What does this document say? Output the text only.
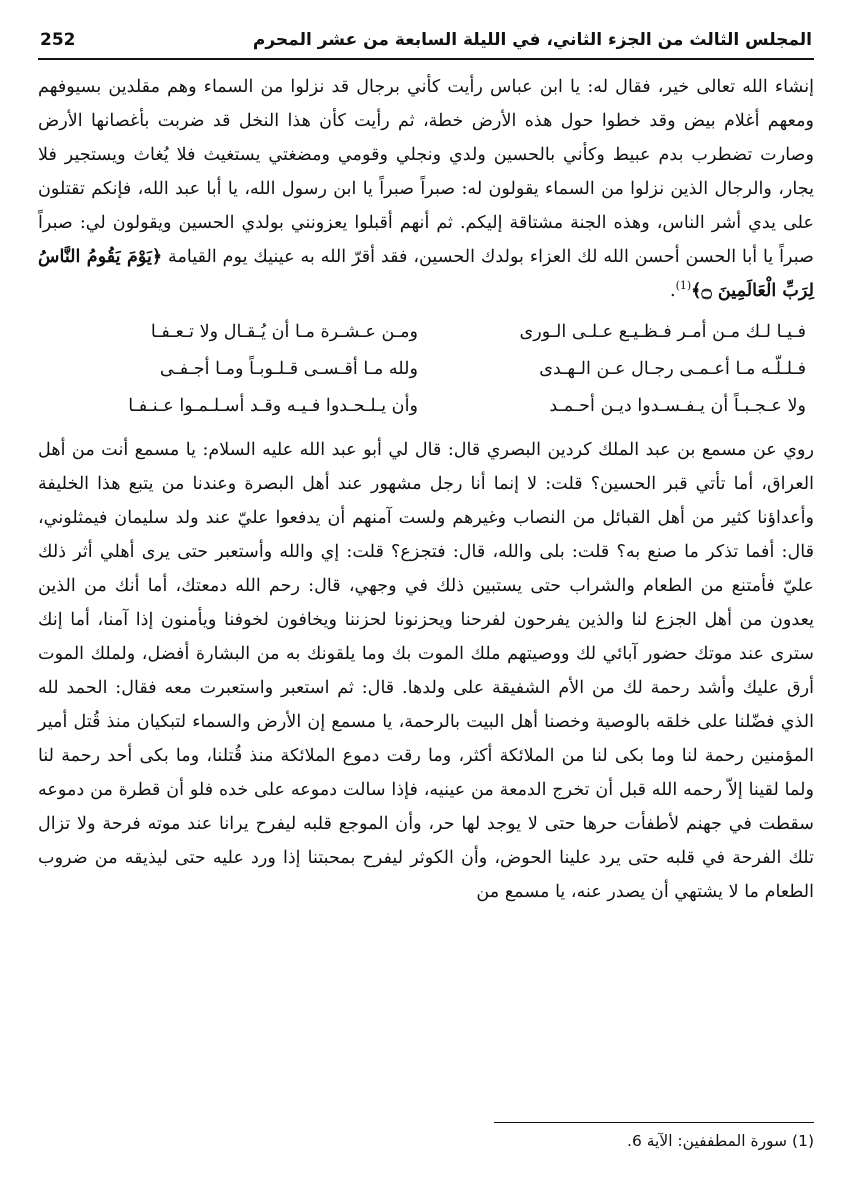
المجلس الثالث من الجزء الثاني، في الليلة السابعة من عشر المحرم
252

إنشاء الله تعالى خير، فقال له: يا ابن عباس رأيت كأني برجال قد نزلوا من السماء وهم مقلدين بسيوفهم ومعهم أغلام بيض وقد خطوا حول هذه الأرض خطة، ثم رأيت كأن هذا النخل قد ضربت بأغصانها الأرض وصارت تضطرب بدم عبيط وكأني بالحسين ولدي ونجلي وقومي ومضغتي يستغيث فلا يُغاث ويستجير فلا يجار، والرجال الذين نزلوا من السماء يقولون له: صبراً صبراً يا ابن رسول الله، يا أبا عبد الله، فإنكم تقتلون على يدي أشر الناس، وهذه الجنة مشتاقة إليكم. ثم أنهم أقبلوا يعزونني بولدي الحسين ويقولون لي: صبراً صبراً يا أبا الحسن أحسن الله لك العزاء بولدك الحسين، فقد أقرّ الله به عينيك يوم القيامة ﴿يَوْمَ يَقُومُ النَّاسُ لِرَبِّ الْعَالَمِينَ ۝﴾$^{(1)}$.

فـيـا لـك مـن أمـر فـظـيـع عـلـى الـورى
ومـن عـشـرة مـا أن يُـقـال ولا تـعـفـا
فـلـلّـه مـا أعـمـى رجـال عـن الـهـدى
ولله مـا أقـسـى قـلـوبـاً ومـا أجـفـى
ولا عـجـبـاً أن يـفـسـدوا ديـن أحـمـد
وأن يـلـحـدوا فـيـه وقـد أسـلـمـوا عـنـفـا

روي عن مسمع بن عبد الملك كردين البصري قال: قال لي أبو عبد الله عليه السلام: يا مسمع أنت من أهل العراق، أما تأتي قبر الحسين؟ قلت: لا إنما أنا رجل مشهور عند أهل البصرة وعندنا من يتبع هذا الخليفة وأعداؤنا كثير من أهل القبائل من النصاب وغيرهم ولست آمنهم أن يدفعوا عليّ عند ولد سليمان فيمثلوني، قال: أفما تذكر ما صنع به؟ قلت: بلى والله، قال: فتجزع؟ قلت: إي والله وأستعبر حتى يرى أهلي أثر ذلك عليّ فأمتنع من الطعام والشراب حتى يستبين ذلك في وجهي، قال: رحم الله دمعتك، أما أنك من الذين يعدون من أهل الجزع لنا والذين يفرحون لفرحنا ويحزنونا لحزننا ويخافون لخوفنا ويأمنون إذا آمنا، أما إنك سترى عند موتك حضور آبائي لك ووصيتهم ملك الموت بك وما يلقونك به من البشارة أفضل، ولملك الموت أرق عليك وأشد رحمة لك من الأم الشفيقة على ولدها. قال: ثم استعبر واستعبرت معه فقال: الحمد لله الذي فضّلنا على خلقه بالوصية وخصنا أهل البيت بالرحمة، يا مسمع إن الأرض والسماء لتبكيان منذ قُتل أمير المؤمنين رحمة لنا وما بكى لنا من الملائكة أكثر، وما رقت دموع الملائكة منذ قُتلنا، وما بكى أحد رحمة لنا ولما لقينا إلاّ رحمه الله قبل أن تخرج الدمعة من عينيه، فإذا سالت دموعه على خده فلو أن قطرة من دموعه سقطت في جهنم لأطفأت حرها حتى لا يوجد لها حر، وأن الموجع قلبه ليفرح يرانا عند موته فرحة ولا تزال تلك الفرحة في قلبه حتى يرد علينا الحوض، وأن الكوثر ليفرح بمحبتنا إذا ورد عليه حتى ليذيقه من ضروب الطعام ما لا يشتهي أن يصدر عنه، يا مسمع من

(1) سورة المطففين: الآية 6.
